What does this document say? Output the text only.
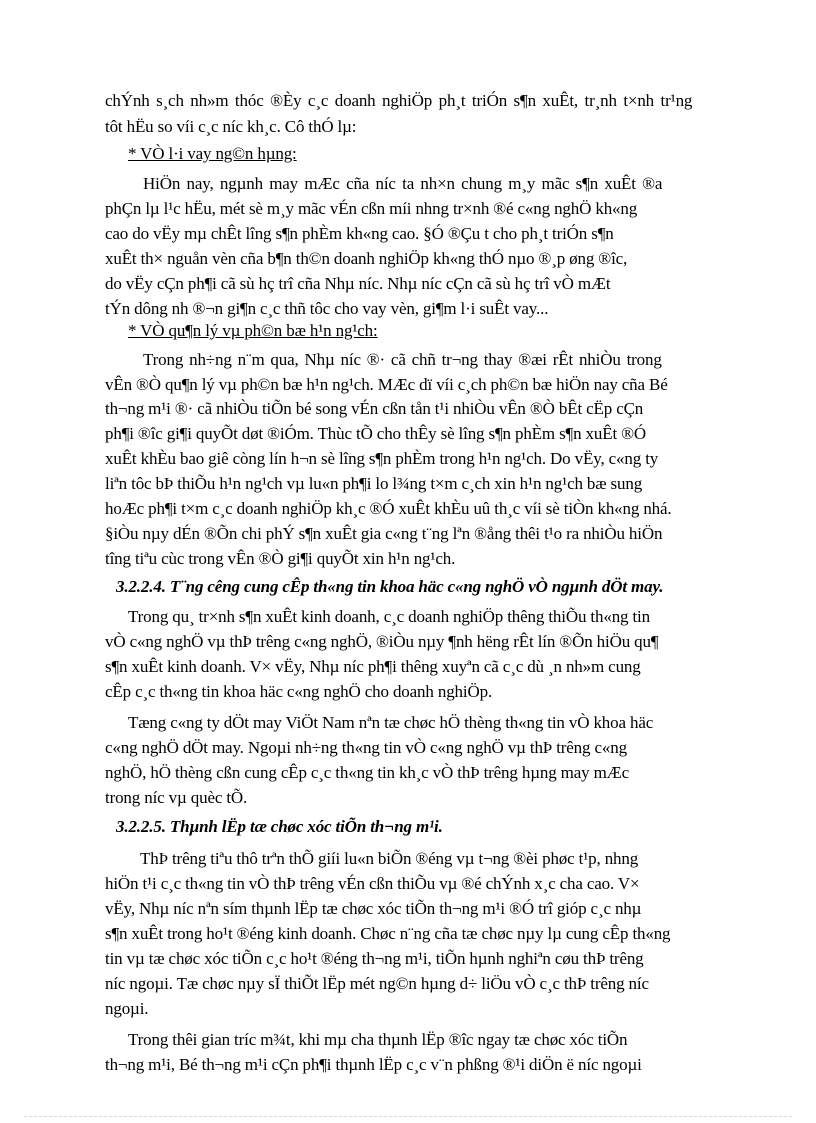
chÝnh s¸ch nh»m thóc ®Èy c¸c doanh nghiÖp ph¸t triÓn s¶n xuÊt, tr¸nh t×nh tr¹ng
tôt hËu so víi c¸c níc kh¸c. Cô thÓ lµ:
* VÒ l·i vay ng©n hµng:
HiÖn nay, ngµnh may mÆc cña níc ta nh×n chung m¸y mãc s¶n xuÊt ®a
phÇn lµ l¹c hËu, mét sè m¸y mãc vÉn cßn míi nhng tr×nh ®é c«ng nghÖ kh«ng
cao do vËy mµ chÊt lîng s¶n phÈm kh«ng cao. §Ó ®Çu t cho ph¸t triÓn s¶n
xuÊt th× nguån vèn cña b¶n th©n doanh nghiÖp kh«ng thÓ nµo ®¸p øng ®îc,
do vËy cÇn ph¶i cã sù hç trî cña Nhµ níc. Nhµ níc cÇn cã sù hç trî vÒ mÆt
tÝn dông nh ®¬n gi¶n c¸c thñ tôc cho vay vèn, gi¶m l·i suÊt vay...
* VÒ qu¶n lý vµ ph©n bæ h¹n ng¹ch:
Trong nh÷ng n¨m qua, Nhµ níc ®· cã chñ tr¬ng thay ®æi rÊt nhiÒu trong
vÊn ®Ò qu¶n lý vµ ph©n bæ h¹n ng¹ch. MÆc dï víi c¸ch ph©n bæ hiÖn nay cña Bé
th¬ng m¹i ®· cã nhiÒu tiÕn bé song vÉn cßn tån t¹i nhiÒu vÊn ®Ò bÊt cËp cÇn
ph¶i ®îc gi¶i quyÕt døt ®iÓm. Thùc tÕ cho thÊy sè lîng s¶n phÈm s¶n xuÊt ®Ó
xuÊt khÈu bao giê còng lín h¬n sè lîng s¶n phÈm trong h¹n ng¹ch. Do vËy, c«ng ty
liªn tôc bÞ thiÕu h¹n ng¹ch vµ lu«n ph¶i lo l¾ng t×m c¸ch xin h¹n ng¹ch bæ sung
hoÆc ph¶i t×m c¸c doanh nghiÖp kh¸c ®Ó xuÊt khÈu uû th¸c víi sè tiÒn kh«ng nhá.
§iÒu nµy dÉn ®Õn chi phÝ s¶n xuÊt gia c«ng t¨ng lªn ®ång thêi t¹o ra nhiÒu hiÖn
tîng tiªu cùc trong vÊn ®Ò gi¶i quyÕt xin h¹n ng¹ch.
3.2.2.4. T¨ng cêng cung cÊp th«ng tin khoa häc c«ng nghÖ vÒ ngµnh dÖt may.
Trong qu¸ tr×nh s¶n xuÊt kinh doanh, c¸c doanh nghiÖp thêng thiÕu th«ng tin
vÒ c«ng nghÖ vµ thÞ trêng c«ng nghÖ, ®iÒu nµy ¶nh hëng rÊt lín ®Õn hiÖu qu¶
s¶n xuÊt kinh doanh. V× vËy, Nhµ níc ph¶i thêng xuyªn cã c¸c dù ¸n nh»m cung
cÊp c¸c th«ng tin khoa häc c«ng nghÖ cho doanh nghiÖp.
Tæng c«ng ty dÖt may ViÖt Nam nªn tæ chøc hÖ thèng th«ng tin vÒ khoa häc
c«ng nghÖ dÖt may. Ngoµi nh÷ng th«ng tin vÒ c«ng nghÖ vµ thÞ trêng c«ng
nghÖ, hÖ thèng cßn cung cÊp c¸c th«ng tin kh¸c vÒ thÞ trêng hµng may mÆc
trong níc vµ quèc tÕ.
3.2.2.5. Thµnh lËp tæ chøc xóc tiÕn th¬ng m¹i.
ThÞ trêng tiªu thô trªn thÕ giíi lu«n biÕn ®éng vµ t¬ng ®èi phøc t¹p, nhng
hiÖn t¹i c¸c th«ng tin vÒ thÞ trêng vÉn cßn thiÕu vµ ®é chÝnh x¸c cha cao. V×
vËy, Nhµ níc nªn sím thµnh lËp tæ chøc xóc tiÕn th¬ng m¹i ®Ó trî gióp c¸c nhµ
s¶n xuÊt trong ho¹t ®éng kinh doanh. Chøc n¨ng cña tæ chøc nµy lµ cung cÊp th«ng
tin vµ tæ chøc xóc tiÕn c¸c ho¹t ®éng th¬ng m¹i, tiÕn hµnh nghiªn cøu thÞ trêng
níc ngoµi. Tæ chøc nµy sÏ thiÕt lËp mét ng©n hµng d÷ liÖu vÒ c¸c thÞ trêng níc
ngoµi.
Trong thêi gian tríc m¾t, khi mµ cha thµnh lËp ®îc ngay tæ chøc xóc tiÕn
th¬ng m¹i, Bé th¬ng m¹i cÇn ph¶i thµnh lËp c¸c v¨n phßng ®¹i diÖn ë níc ngoµi
